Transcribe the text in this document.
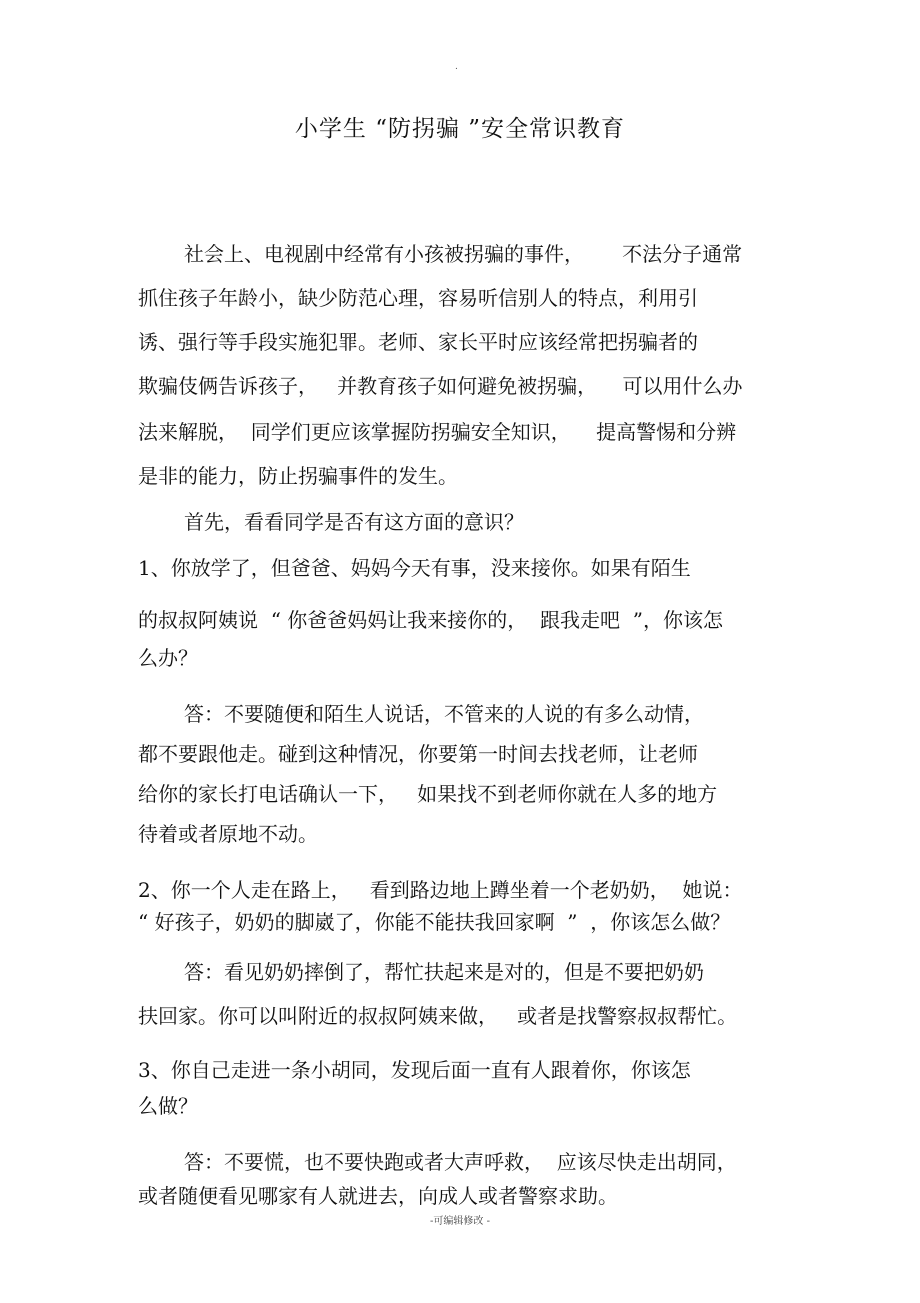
.
小学生 “防拐骗 ”安全常识教育
社会上、电视剧中经常有小孩被拐骗的事件，      不法分子通常
抓住孩子年龄小，缺少防范心理，容易听信别人的特点，利用引
诱、强行等手段实施犯罪。老师、家长平时应该经常把拐骗者的
欺骗伎俩告诉孩子，   并教育孩子如何避免被拐骗，    可以用什么办
法来解脱，  同学们更应该掌握防拐骗安全知识，    提高警惕和分辨
是非的能力，防止拐骗事件的发生。
首先，看看同学是否有这方面的意识？
1、你放学了，但爸爸、妈妈今天有事，没来接你。如果有陌生
的叔叔阿姨说  “ 你爸爸妈妈让我来接你的，  跟我走吧  ”，你该怎
么办？
答：不要随便和陌生人说话，不管来的人说的有多么动情，
都不要跟他走。碰到这种情况，你要第一时间去找老师，让老师
给你的家长打电话确认一下，   如果找不到老师你就在人多的地方
待着或者原地不动。
2、你一个人走在路上，   看到路边地上蹲坐着一个老奶奶，  她说：
“ 好孩子，奶奶的脚崴了，你能不能扶我回家啊  ”  ，你该怎么做？
答：看见奶奶摔倒了，帮忙扶起来是对的，但是不要把奶奶
扶回家。你可以叫附近的叔叔阿姨来做，   或者是找警察叔叔帮忙。
3、你自己走进一条小胡同，发现后面一直有人跟着你，你该怎
么做？
答：不要慌，也不要快跑或者大声呼救，  应该尽快走出胡同，
或者随便看见哪家有人就进去，向成人或者警察求助。
-可编辑修改 -
